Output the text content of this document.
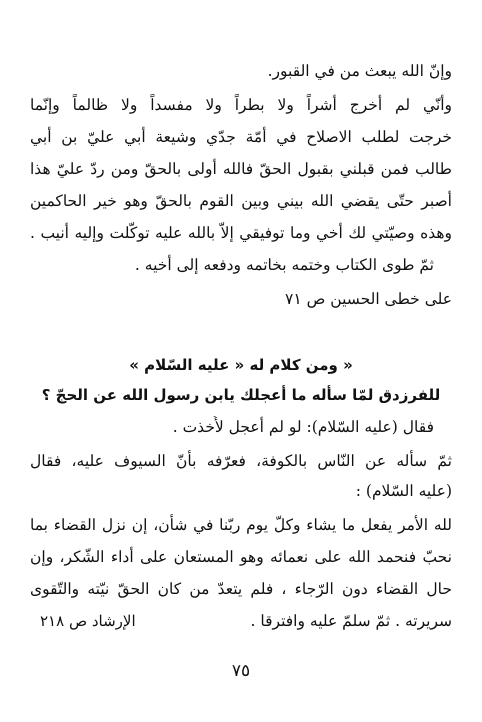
وإنّ الله يبعث من في القبور.
وأنّي لم أخرج أشراً ولا بطراً ولا مفسداً ولا ظالماً وإنّما
خرجت لطلب الاصلاح في أمّة جدّي وشيعة أبي عليّ بن أبي
طالب فمن قبلني بقبول الحقّ فالله أولى بالحقّ ومن ردّ عليّ هذا
أصبر حتّى يقضي الله بيني وبين القوم بالحقّ وهو خير الحاكمين
وهذه وصيّتي لك أخي وما توفيقي إلاّ بالله عليه توكّلت وإليه أنيب .
ثمّ طوى الكتاب وختمه بخاتمه ودفعه إلى أخيه .
على خطى الحسين ص ٧١
« ومن كلام له « عليه السّلام »
للفرزدق لمّا سأله ما أعجلك يابن رسول الله عن الحجّ ؟
فقال (عليه السّلام): لو لم أعجل لأُخذت .
ثمّ سأله عن النّاس بالكوفة، فعرّفه بأنّ السيوف عليه، فقال
(عليه السّلام) :
لله الأمر يفعل ما يشاء وكلّ يوم ربّنا في شأن، إن نزل القضاء بما
نحبّ فنحمد الله على نعمائه وهو المستعان على أداء الشّكر، وإن
حال القضاء دون الرّجاء ، فلم يتعدّ من كان الحقّ نيّته والتّقوى
سريرته . ثمّ سلمّ عليه وافترقا .
الإرشاد ص ٢١٨
٧٥
